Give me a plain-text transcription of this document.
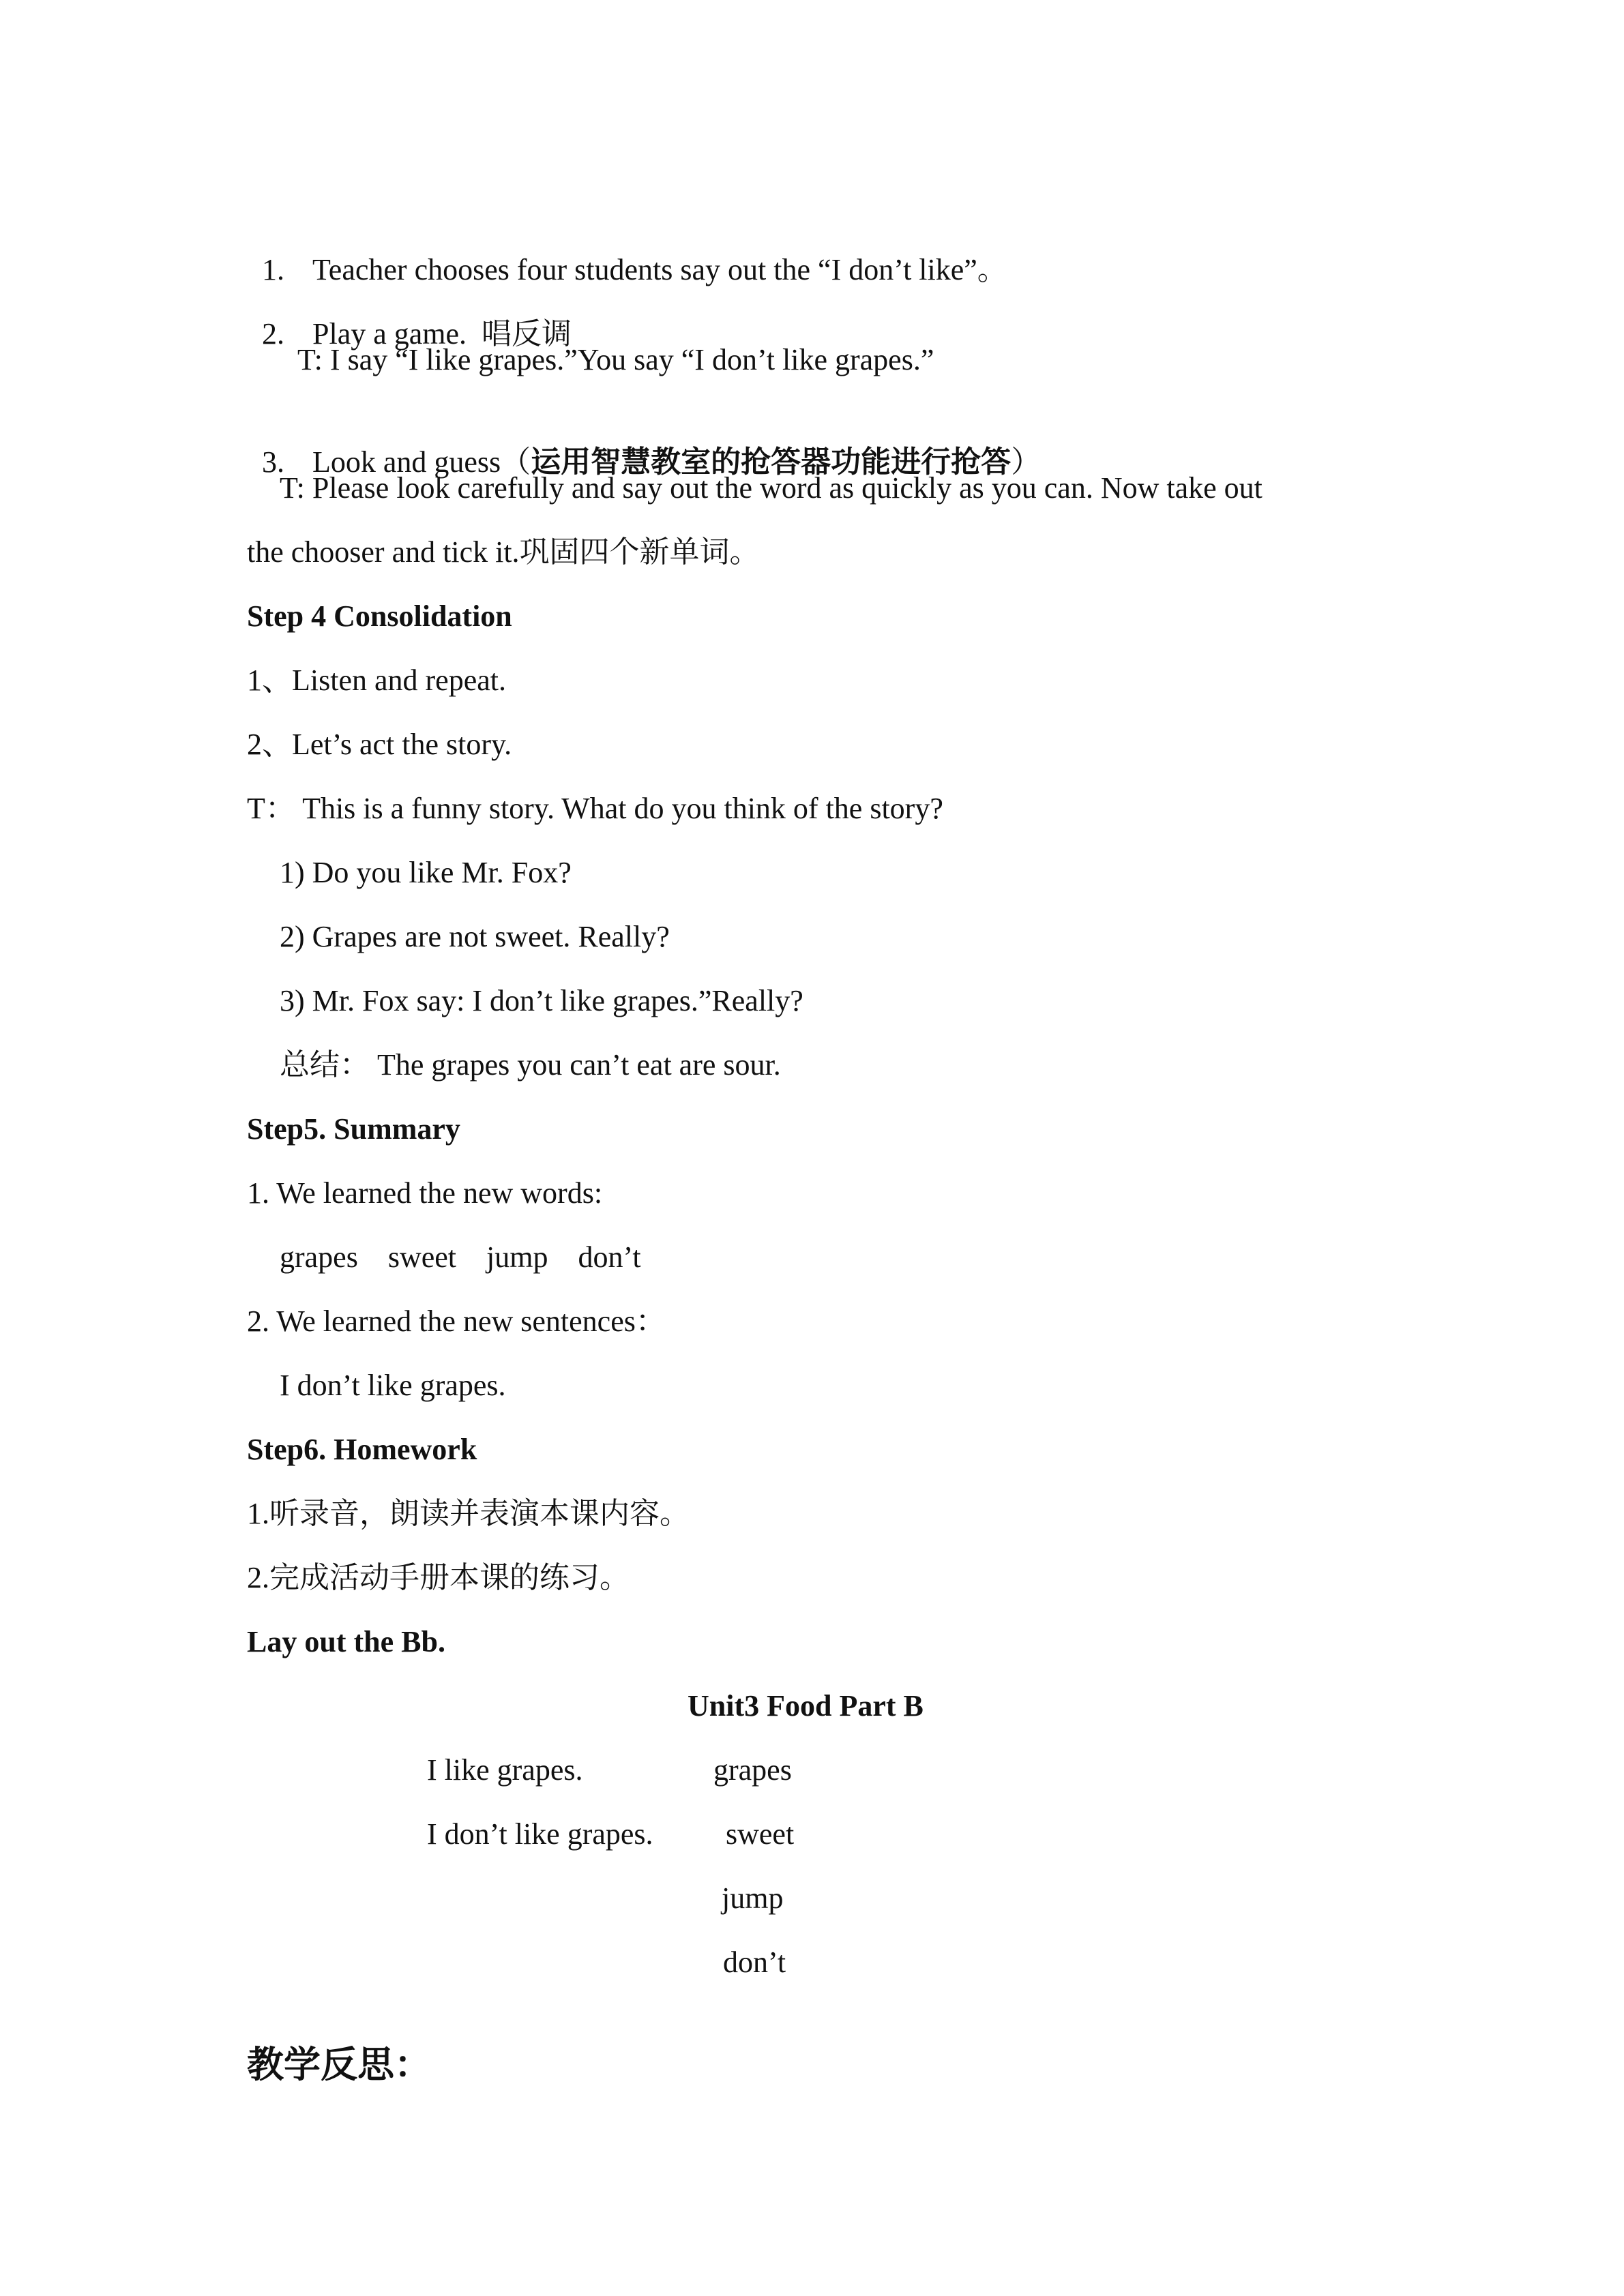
1. Teacher chooses four students say out the “I don’t like”。

2. Play a game.  唱反调

T: I say “I like grapes.”You say “I don’t like grapes.”

3. Look and guess（运用智慧教室的抢答器功能进行抢答）

T: Please look carefully and say out the word as quickly as you can. Now take out
the chooser and tick it.巩固四个新单词。
Step 4 Consolidation
1、Listen and repeat.
2、Let’s act the story.
T： This is a funny story. What do you think of the story?
1) Do you like Mr. Fox?
2) Grapes are not sweet. Really?
3) Mr. Fox say: I don’t like grapes.”Really?
总结： The grapes you can’t eat are sour.
Step5. Summary
1. We learned the new words:
grapes    sweet    jump    don’t
2. We learned the new sentences：
I don’t like grapes.
Step6. Homework
1.听录音，朗读并表演本课内容。
2.完成活动手册本课的练习。
Lay out the Bb.
Unit3 Food Part B
I like grapes.	grapes
I don’t like grapes. sweet
jump
don’t
教学反思：
